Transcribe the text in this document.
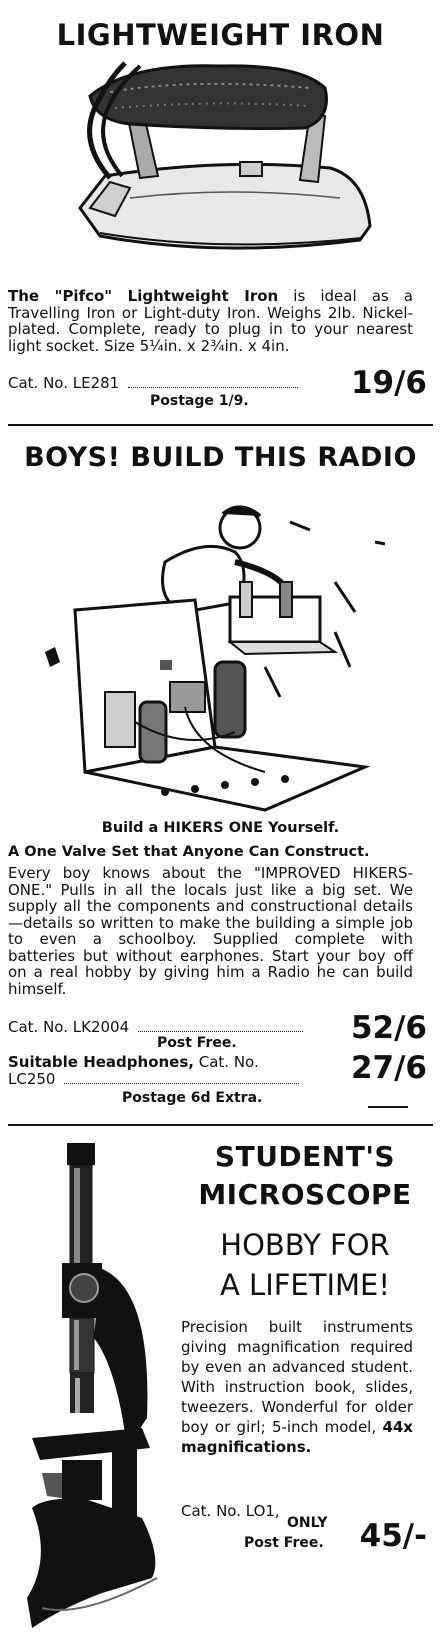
LIGHTWEIGHT IRON
The "Pifco" Lightweight Iron is ideal as a Travelling Iron or Light-duty Iron. Weighs 2lb. Nickel-plated. Complete, ready to plug in to your nearest light socket. Size 5¼in. x 2¾in. x 4in.
Cat. No. LE281	19/6
Postage 1/9.
BOYS! BUILD THIS RADIO
Build a HIKERS ONE Yourself.
A One Valve Set that Anyone Can Construct.
Every boy knows about the "IMPROVED HIKERS-ONE." Pulls in all the locals just like a big set. We supply all the components and constructional details—details so written to make the building a simple job to even a schoolboy. Supplied complete with batteries but without earphones. Start your boy off on a real hobby by giving him a Radio he can build himself.
Cat. No. LK2004	52/6
Post Free.
Suitable Headphones, Cat. No.
LC250	27/6
Postage 6d Extra.
STUDENT'S
MICROSCOPE
HOBBY FOR
A LIFETIME!
Precision built instruments giving magnification required by even an advanced student. With instruction book, slides, tweezers. Wonderful for older boy or girl; 5-inch model, 44x magnifications.
Cat. No. LO1,
ONLY
Post Free. 45/-
